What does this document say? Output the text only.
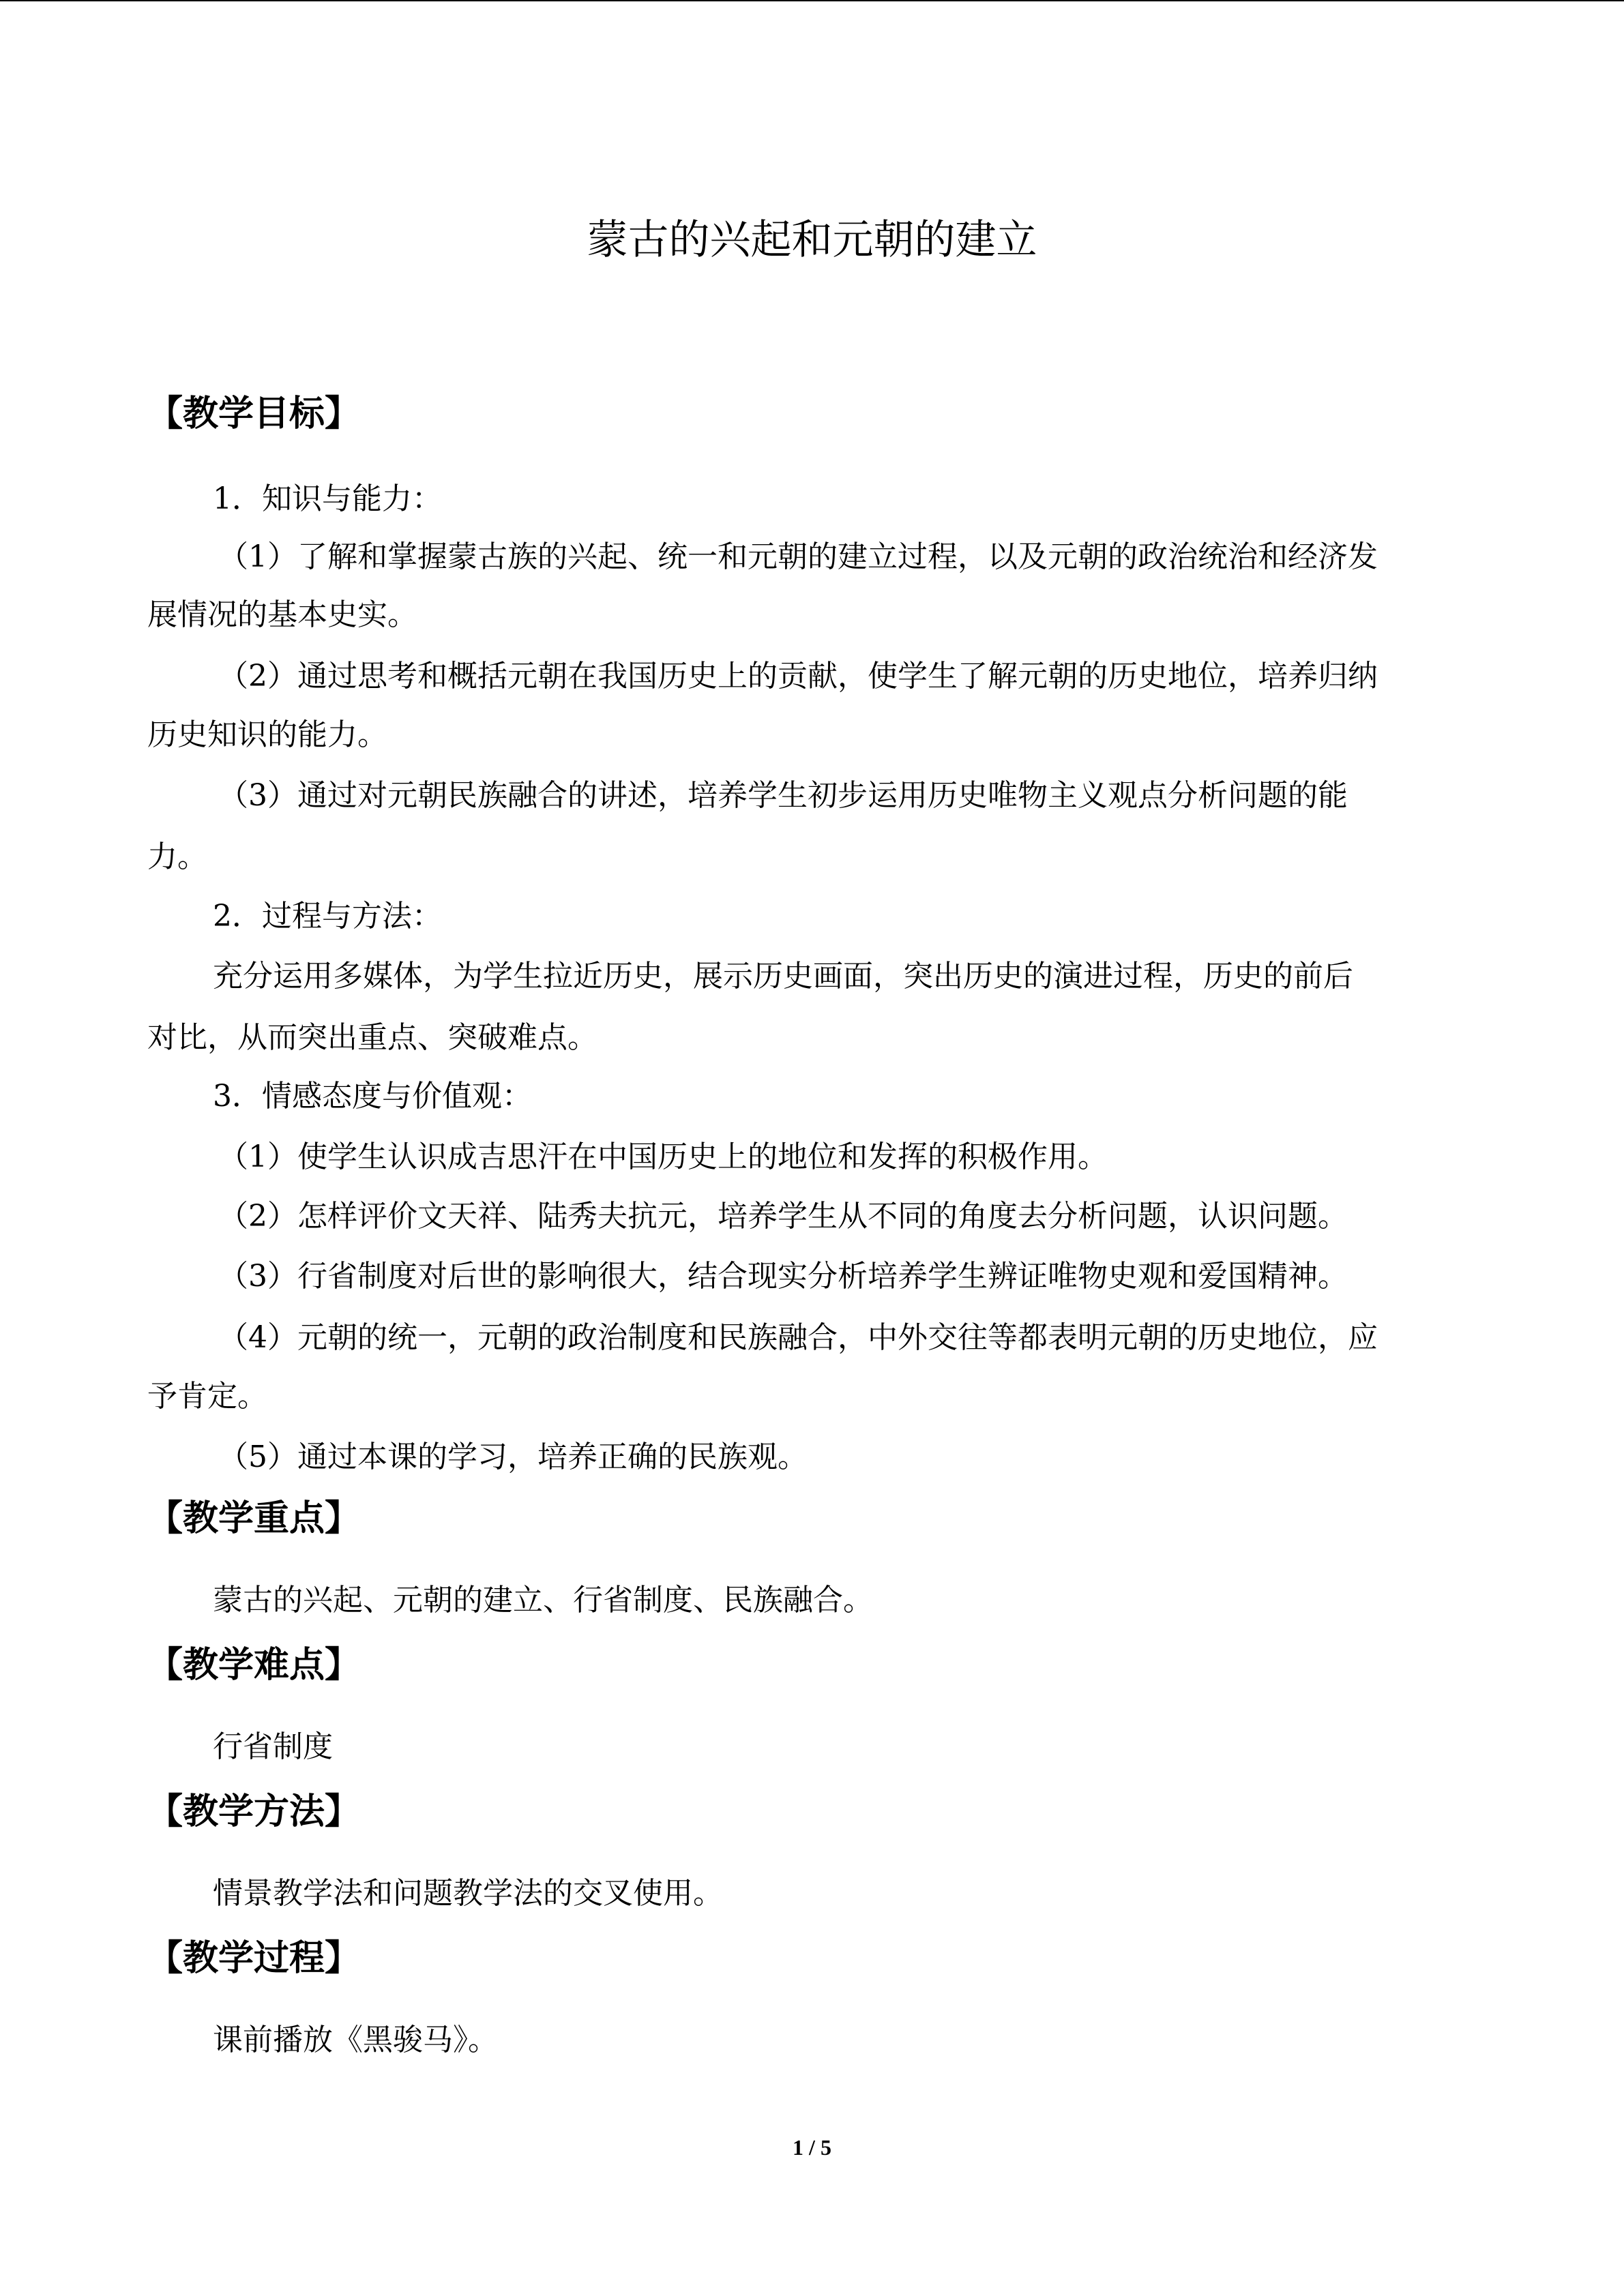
蒙古的兴起和元朝的建立
【教学目标】
1．知识与能力：
（1）了解和掌握蒙古族的兴起、统一和元朝的建立过程，以及元朝的政治统治和经济发
展情况的基本史实。
（2）通过思考和概括元朝在我国历史上的贡献，使学生了解元朝的历史地位，培养归纳
历史知识的能力。
（3）通过对元朝民族融合的讲述，培养学生初步运用历史唯物主义观点分析问题的能
力。
2．过程与方法：
充分运用多媒体，为学生拉近历史，展示历史画面，突出历史的演进过程，历史的前后
对比，从而突出重点、突破难点。
3．情感态度与价值观：
（1）使学生认识成吉思汗在中国历史上的地位和发挥的积极作用。
（2）怎样评价文天祥、陆秀夫抗元，培养学生从不同的角度去分析问题，认识问题。
（3）行省制度对后世的影响很大，结合现实分析培养学生辨证唯物史观和爱国精神。
（4）元朝的统一，元朝的政治制度和民族融合，中外交往等都表明元朝的历史地位，应
予肯定。
（5）通过本课的学习，培养正确的民族观。
【教学重点】
蒙古的兴起、元朝的建立、行省制度、民族融合。
【教学难点】
行省制度
【教学方法】
情景教学法和问题教学法的交叉使用。
【教学过程】
课前播放《黑骏马》。
1 / 5
